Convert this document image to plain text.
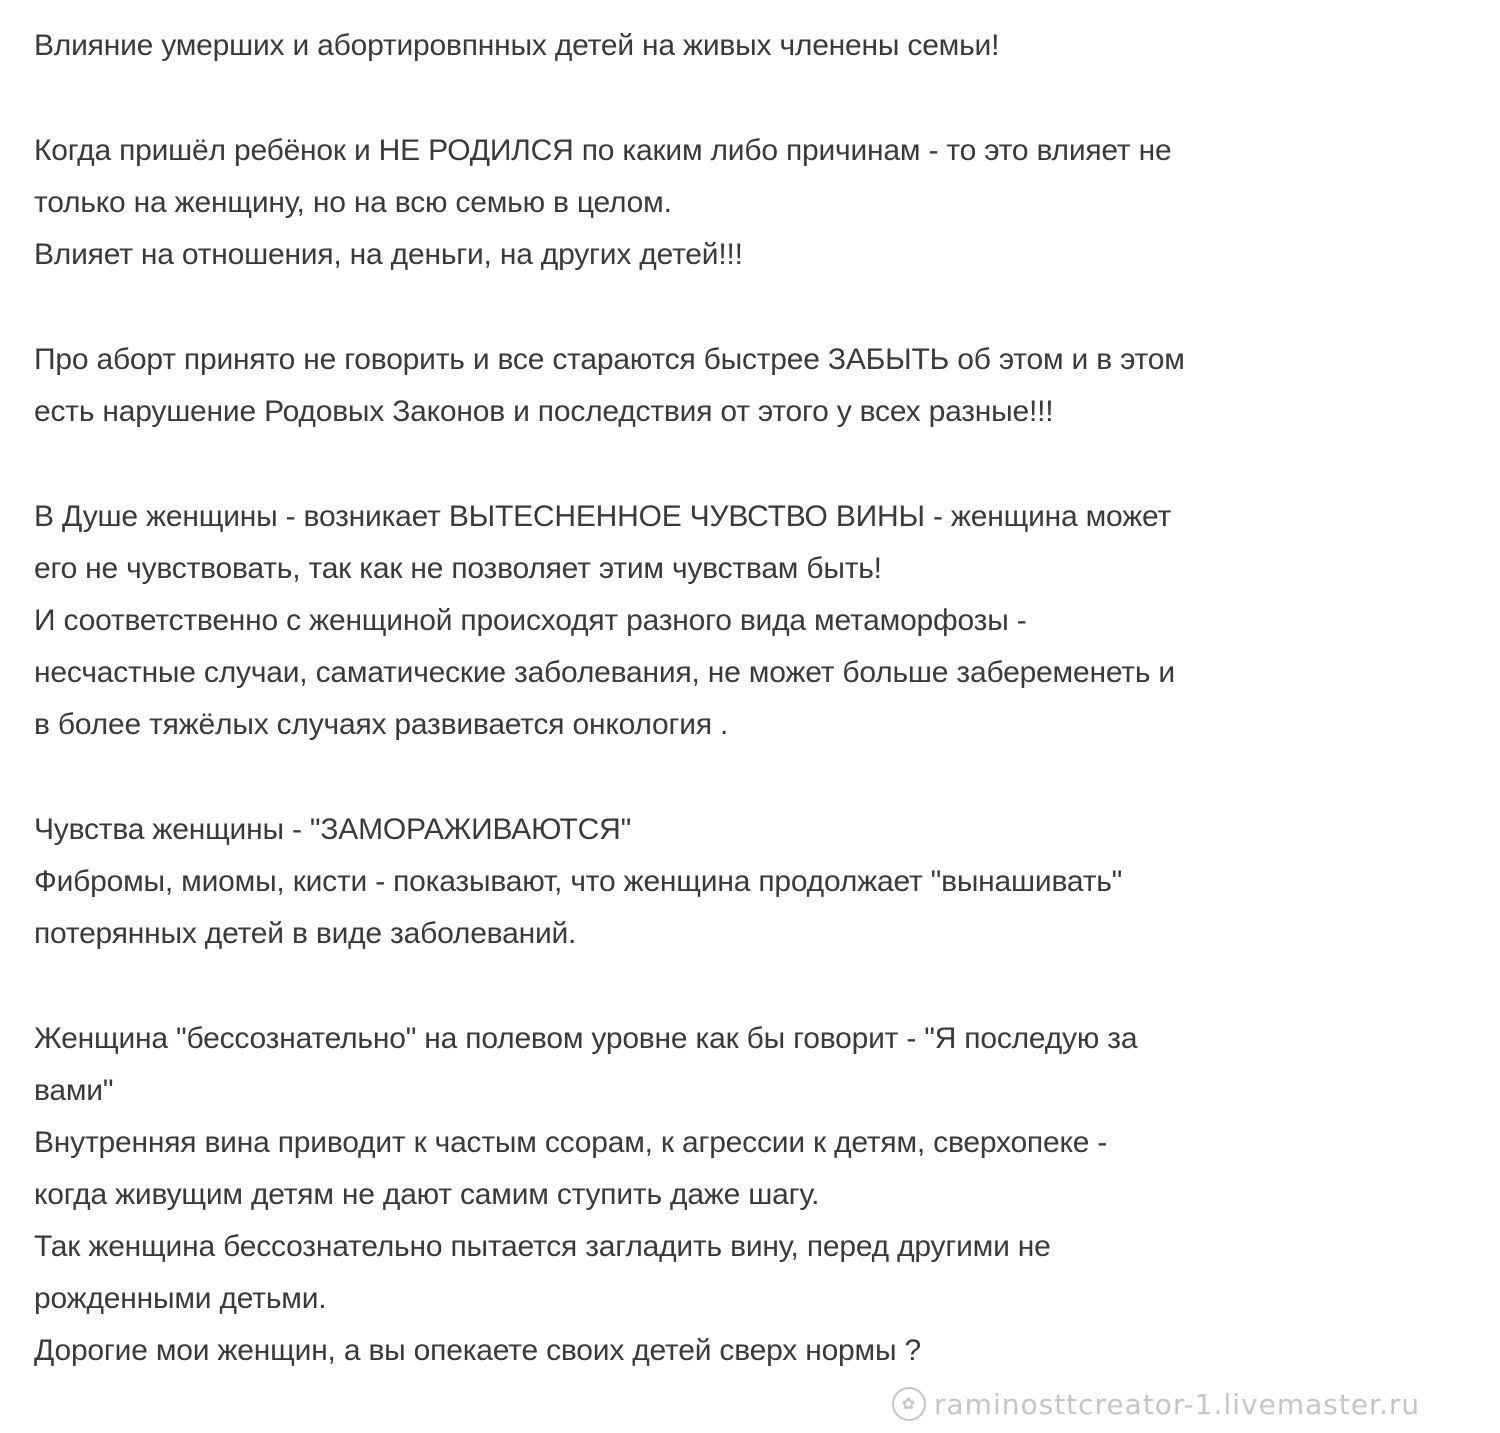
Влияние умерших и абортировпнных детей на живых членены семьи!
Когда пришёл ребёнок и НЕ РОДИЛСЯ по каким либо причинам - то это влияет не
только на женщину, но на всю семью в целом.
Влияет на отношения, на деньги, на других детей!!!
Про аборт принято не говорить и все стараются быстрее ЗАБЫТЬ об этом и в этом
есть нарушение Родовых Законов и последствия от этого у всех разные!!!
В Душе женщины - возникает ВЫТЕСНЕННОЕ ЧУВСТВО ВИНЫ - женщина может
его не чувствовать, так как не позволяет этим чувствам быть!
И соответственно с женщиной происходят разного вида метаморфозы -
несчастные случаи, саматические заболевания, не может больше забеременеть и
в более тяжёлых случаях развивается онкология .
Чувства женщины - "ЗАМОРАЖИВАЮТСЯ"
Фибромы, миомы, кисти - показывают, что женщина продолжает "вынашивать"
потерянных детей в виде заболеваний.
Женщина "бессознательно" на полевом уровне как бы говорит - "Я последую за
вами"
Внутренняя вина приводит к частым ссорам, к агрессии к детям, сверхопеке -
когда живущим детям не дают самим ступить даже шагу.
Так женщина бессознательно пытается загладить вину, перед другими не
рожденными детьми.
Дорогие мои женщин, а вы опекаете своих детей сверх нормы ?
✿ raminosttcreator-1.livemaster.ru
